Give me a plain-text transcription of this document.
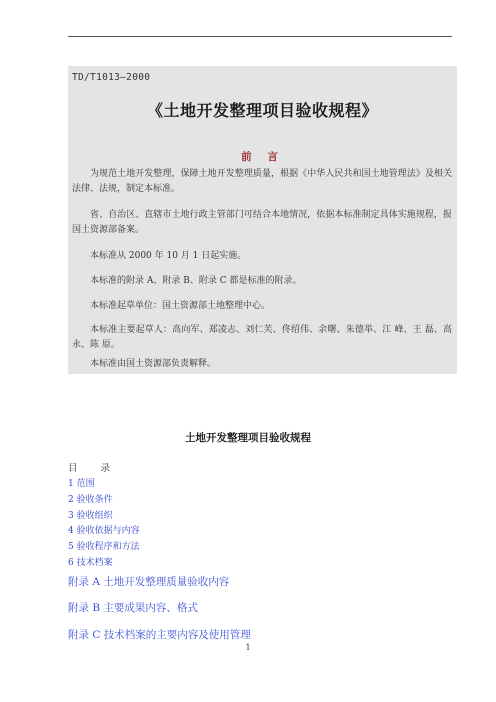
TD/T1013—2000
《土地开发整理项目验收规程》
前 言
为规范土地开发整理，保障土地开发整理质量，根据《中华人民共和国土地管理法》及相关法律、法规，制定本标准。
省、自治区、直辖市土地行政主管部门可结合本地情况，依据本标准制定具体实施规程，报国土资源部备案。
本标准从 2000 年 10 月 1 日起实施。
本标准的附录 A、附录 B、附录 C 都是标准的附录。
本标准起草单位：国土资源部土地整理中心。
本标准主要起草人：高向军、郑凌志、刘仁芙、佟绍伟、余曙、朱德举、江 峰、王 磊、高 永、陈 原。
本标准由国土资源部负责解释。
土地开发整理项目验收规程
目 录
1 范围
2 验收条件
3 验收组织
4 验收依据与内容
5 验收程序和方法
6 技术档案
附录 A 土地开发整理质量验收内容
附录 B 主要成果内容、格式
附录 C 技术档案的主要内容及使用管理
1
